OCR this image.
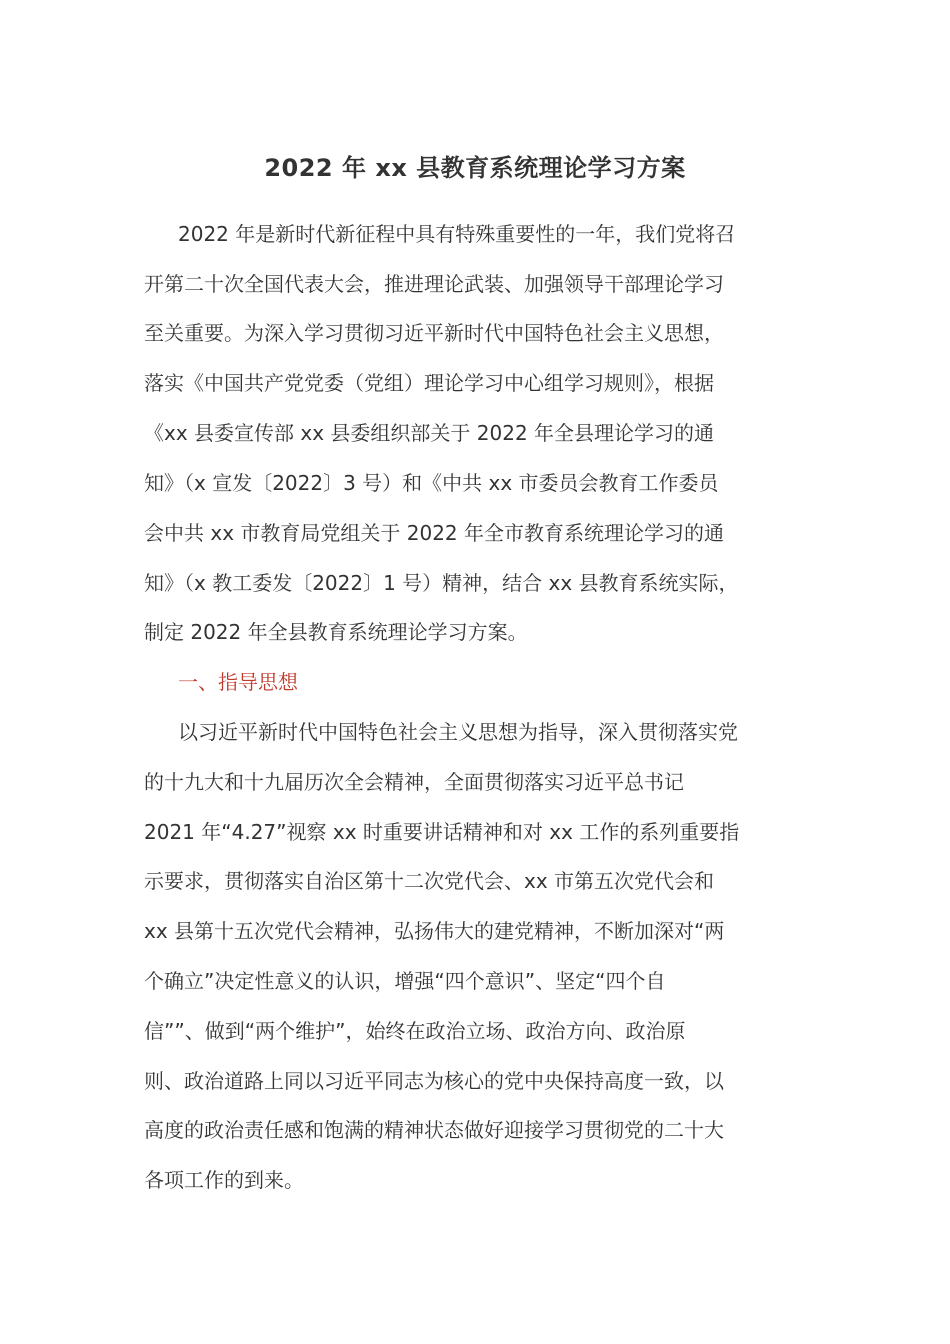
2022 年 xx 县教育系统理论学习方案
2022 年是新时代新征程中具有特殊重要性的一年，我们党将召
开第二十次全国代表大会，推进理论武装、加强领导干部理论学习
至关重要。为深入学习贯彻习近平新时代中国特色社会主义思想，
落实《中国共产党党委（党组）理论学习中心组学习规则》，根据
《xx 县委宣传部 xx 县委组织部关于 2022 年全县理论学习的通
知》（x 宣发〔2022〕3 号）和《中共 xx 市委员会教育工作委员
会中共 xx 市教育局党组关于 2022 年全市教育系统理论学习的通
知》（x 教工委发〔2022〕1 号）精神，结合 xx 县教育系统实际，
制定 2022 年全县教育系统理论学习方案。
一、指导思想
以习近平新时代中国特色社会主义思想为指导，深入贯彻落实党
的十九大和十九届历次全会精神，全面贯彻落实习近平总书记
2021 年“4.27”视察 xx 时重要讲话精神和对 xx 工作的系列重要指
示要求，贯彻落实自治区第十二次党代会、xx 市第五次党代会和
xx 县第十五次党代会精神，弘扬伟大的建党精神，不断加深对“两
个确立”决定性意义的认识，增强“四个意识”、坚定“四个自
信””、做到“两个维护”，始终在政治立场、政治方向、政治原
则、政治道路上同以习近平同志为核心的党中央保持高度一致，以
高度的政治责任感和饱满的精神状态做好迎接学习贯彻党的二十大
各项工作的到来。
